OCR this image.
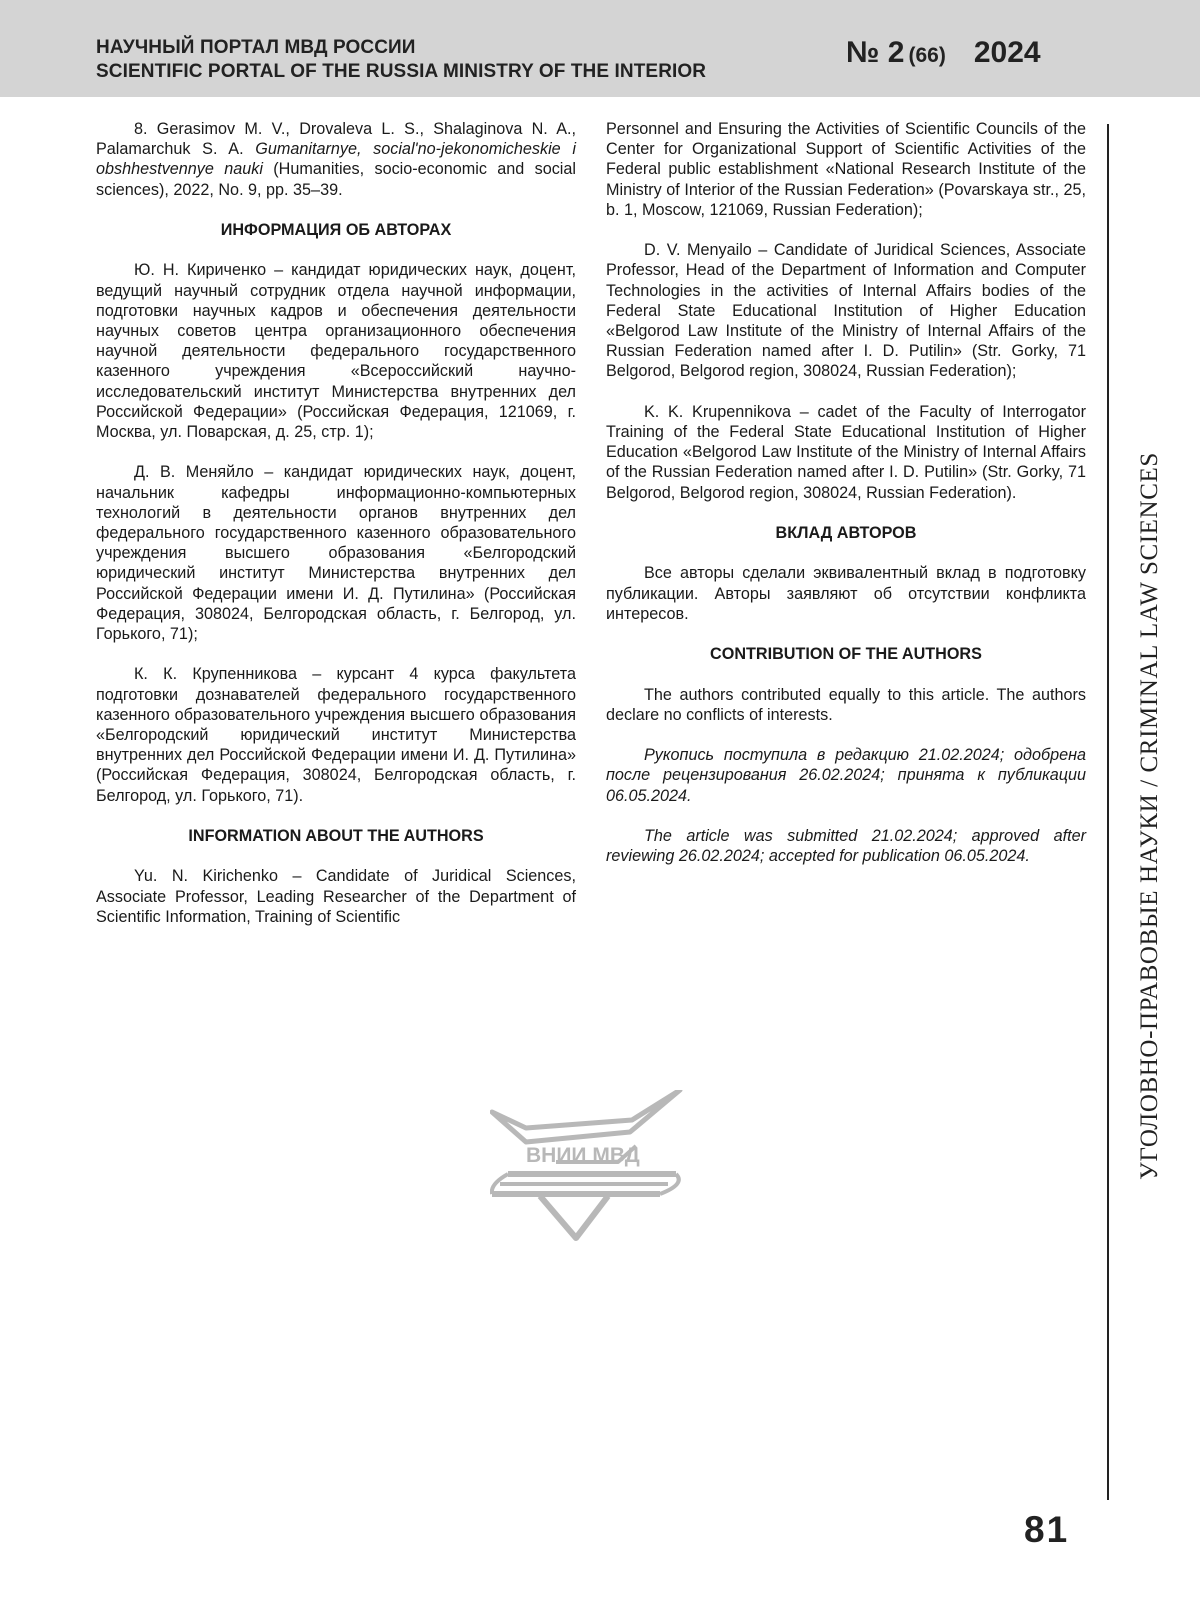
НАУЧНЫЙ ПОРТАЛ МВД РОССИИ
SCIENTIFIC PORTAL OF THE RUSSIA MINISTRY OF THE INTERIOR
№ 2 (66) 2024

8. Gerasimov M. V., Drovaleva L. S., Shalaginova N. A., Palamarchuk S. A. Gumanitarnye, social'no-jekonomicheskie i obshhestvennye nauki (Humanities, socio-economic and social sciences), 2022, No. 9, pp. 35–39.

ИНФОРМАЦИЯ ОБ АВТОРАХ

Ю. Н. Кириченко – кандидат юридических наук, доцент, ведущий научный сотрудник отдела научной информации, подготовки научных кадров и обеспечения деятельности научных советов центра организационного обеспечения научной деятельности федерального государственного казенного учреждения «Всероссийский научно-исследовательский институт Министерства внутренних дел Российской Федерации» (Российская Федерация, 121069, г. Москва, ул. Поварская, д. 25, стр. 1);

Д. В. Меняйло – кандидат юридических наук, доцент, начальник кафедры информационно-компьютерных технологий в деятельности органов внутренних дел федерального государственного казенного образовательного учреждения высшего образования «Белгородский юридический институт Министерства внутренних дел Российской Федерации имени И. Д. Путилина» (Российская Федерация, 308024, Белгородская область, г. Белгород, ул. Горького, 71);

К. К. Крупенникова – курсант 4 курса факультета подготовки дознавателей федерального государственного казенного образовательного учреждения высшего образования «Белгородский юридический институт Министерства внутренних дел Российской Федерации имени И. Д. Путилина» (Российская Федерация, 308024, Белгородская область, г. Белгород, ул. Горького, 71).

INFORMATION ABOUT THE AUTHORS

Yu. N. Kirichenko – Candidate of Juridical Sciences, Associate Professor, Leading Researcher of the Department of Scientific Information, Training of Scientific

Personnel and Ensuring the Activities of Scientific Councils of the Center for Organizational Support of Scientific Activities of the Federal public establishment «National Research Institute of the Ministry of Interior of the Russian Federation» (Povarskaya str., 25, b. 1, Moscow, 121069, Russian Federation);

D. V. Menyailo – Candidate of Juridical Sciences, Associate Professor, Head of the Department of Information and Computer Technologies in the activities of Internal Affairs bodies of the Federal State Educational Institution of Higher Education «Belgorod Law Institute of the Ministry of Internal Affairs of the Russian Federation named after I. D. Putilin» (Str. Gorky, 71 Belgorod, Belgorod region, 308024, Russian Federation);

K. K. Krupennikova – cadet of the Faculty of Interrogator Training of the Federal State Educational Institution of Higher Education «Belgorod Law Institute of the Ministry of Internal Affairs of the Russian Federation named after I. D. Putilin» (Str. Gorky, 71 Belgorod, Belgorod region, 308024, Russian Federation).

ВКЛАД АВТОРОВ

Все авторы сделали эквивалентный вклад в подготовку публикации. Авторы заявляют об отсутствии конфликта интересов.

CONTRIBUTION OF THE AUTHORS

The authors contributed equally to this article. The authors declare no conflicts of interests.

Рукопись поступила в редакцию 21.02.2024; одобрена после рецензирования 26.02.2024; принята к публикации 06.05.2024.

The article was submitted 21.02.2024; approved after reviewing 26.02.2024; accepted for publication 06.05.2024.

ВНИИ МВД	УГОЛОВНО-ПРАВОВЫЕ НАУКИ / CRIMINAL LAW SCIENCES
81
